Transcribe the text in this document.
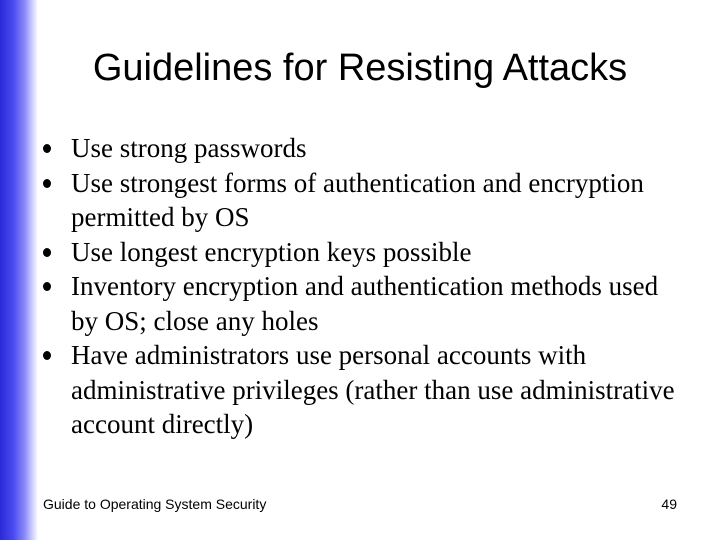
Guidelines for Resisting Attacks
Use strong passwords
Use strongest forms of authentication and encryption permitted by OS
Use longest encryption keys possible
Inventory encryption and authentication methods used by OS; close any holes
Have administrators use personal accounts with administrative privileges (rather than use administrative account directly)
Guide to Operating System Security	49
